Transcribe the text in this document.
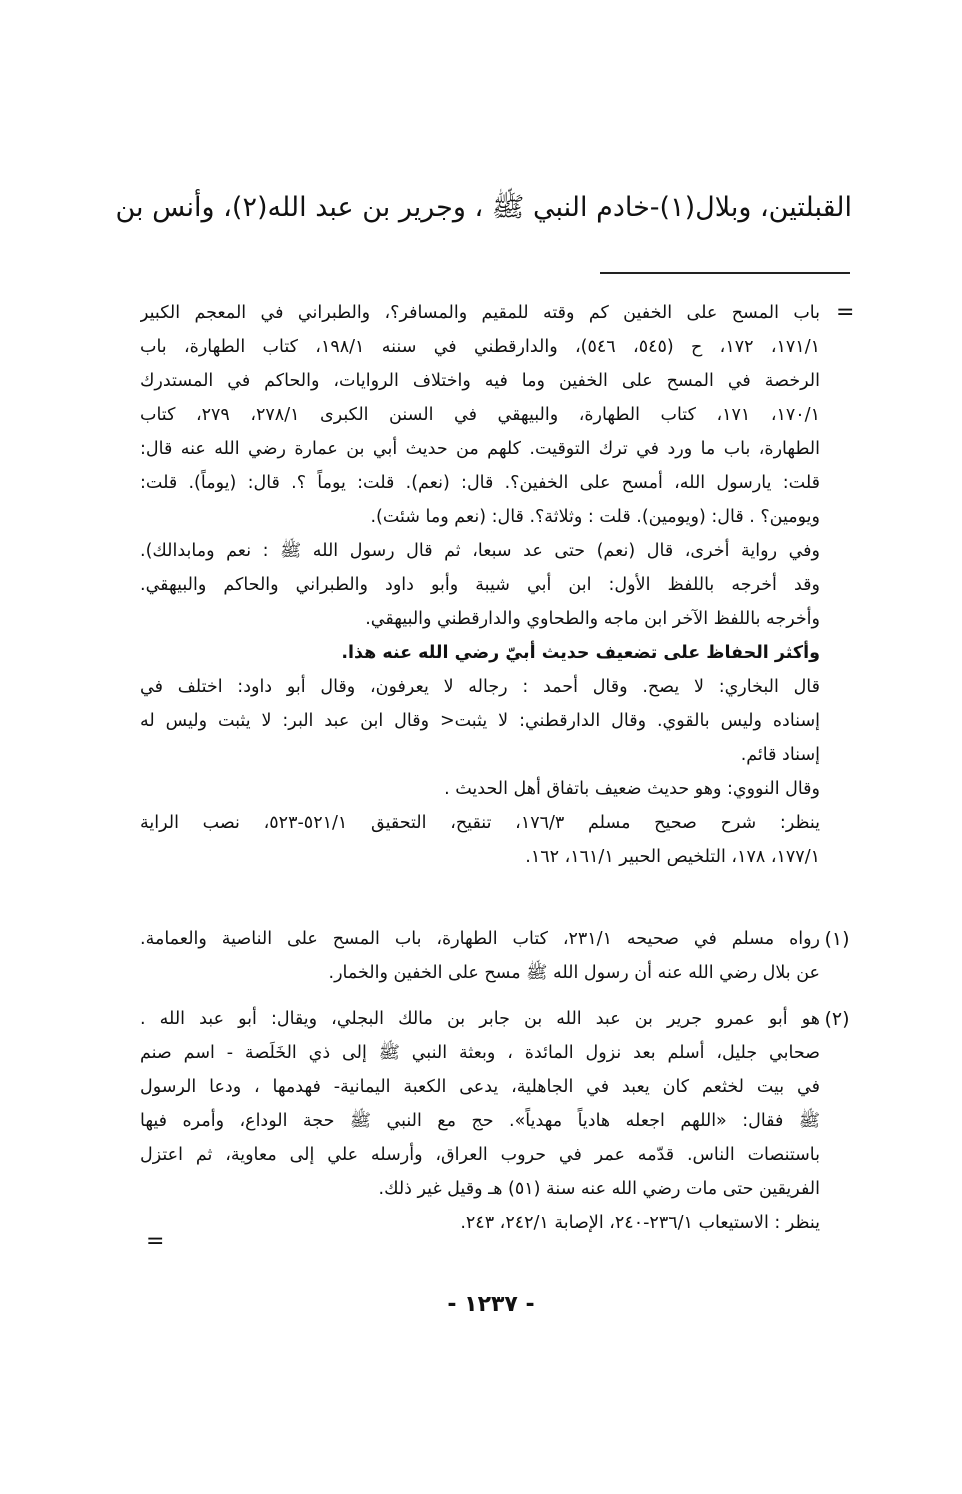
القبلتين، وبلال(١)-خادم النبي ﷺ ، وجرير بن عبد الله(٢)، وأنس بن
=
باب المسح على الخفين كم وقته للمقيم والمسافر؟، والطبراني في المعجم الكبير
١٧١/١، ١٧٢، ح (٥٤٥، ٥٤٦)، والدارقطني في سننه ١٩٨/١، كتاب الطهارة، باب
الرخصة في المسح على الخفين وما فيه واختلاف الروايات، والحاكم في المستدرك
١٧٠/١، ١٧١، كتاب الطهارة، والبيهقي في السنن الكبرى ٢٧٨/١، ٢٧٩، كتاب
الطهارة، باب ما ورد في ترك التوقيت. كلهم من حديث أبي بن عمارة رضي الله عنه قال:
قلت: يارسول الله، أمسح على الخفين؟. قال: (نعم). قلت: يوماً ؟. قال: (يوماً). قلت:
ويومين؟ . قال: (ويومين). قلت : وثلاثة؟. قال: (نعم وما شئت).
وفي رواية أخرى، قال (نعم) حتى عد سبعا، ثم قال رسول الله ﷺ : نعم ومابدالك).
وقد أخرجه باللفظ الأول: ابن أبي شيبة وأبو داود والطبراني والحاكم والبيهقي.
وأخرجه باللفظ الآخر ابن ماجه والطحاوي والدارقطني والبيهقي.
وأكثر الحفاظ على تضعيف حديث أبيّ رضي الله عنه هذا.
قال البخاري: لا يصح. وقال أحمد : رجاله لا يعرفون، وقال أبو داود: اختلف في
إسناده وليس بالقوي. وقال الدارقطني: لا يثبت< وقال ابن عبد البر: لا يثبت وليس له
إسناد قائم.
وقال النووي: وهو حديث ضعيف باتفاق أهل الحديث .
ينظر: شرح صحيح مسلم ١٧٦/٣، تنقيح، التحقيق ٥٢١/١-٥٢٣، نصب الراية
١٧٧/١، ١٧٨، التلخيص الحبير ١٦١/١، ١٦٢.
(١)
رواه مسلم في صحيحه ٢٣١/١، كتاب الطهارة، باب المسح على الناصية والعمامة.
عن بلال رضي الله عنه أن رسول الله ﷺ مسح على الخفين والخمار.
(٢)
هو أبو عمرو جرير بن عبد الله بن جابر بن مالك البجلي، ويقال: أبو عبد الله .
صحابي جليل، أسلم بعد نزول المائدة ، وبعثة النبي ﷺ إلى ذي الخَلَصة - اسم صنم
في بيت لخثعم كان يعبد في الجاهلية، يدعى الكعبة اليمانية- فهدمها ، ودعا الرسول
ﷺ فقال: «اللهم اجعله هادياً مهدياً». حج مع النبي ﷺ حجة الوداع، وأمره فيها
باستنصات الناس. قدّمه عمر في حروب العراق، وأرسله علي إلى معاوية، ثم اعتزل
الفريقين حتى مات رضي الله عنه سنة (٥١) هـ وقيل غير ذلك.
ينظر : الاستيعاب ٢٣٦/١-٢٤٠، الإصابة ٢٤٢/١، ٢٤٣.
=
- ١٢٣٧ -
